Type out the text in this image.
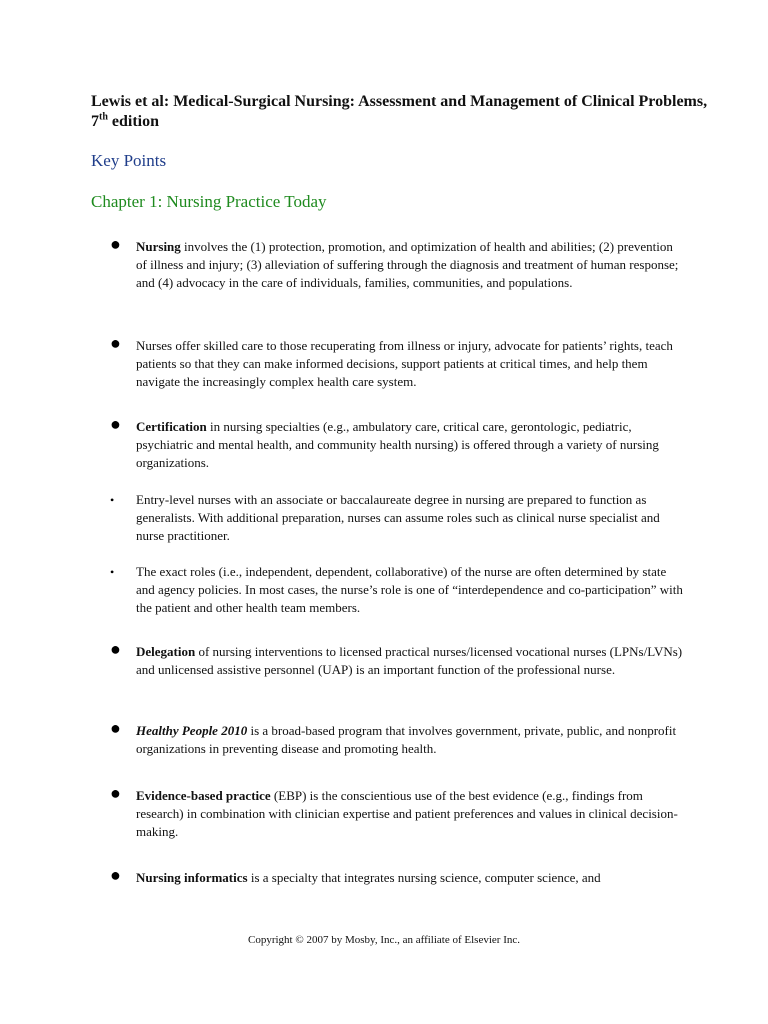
Lewis et al: Medical-Surgical Nursing: Assessment and Management of Clinical Problems, 7th edition
Key Points
Chapter 1: Nursing Practice Today
●	Nursing involves the (1) protection, promotion, and optimization of health and abilities; (2) prevention of illness and injury; (3) alleviation of suffering through the diagnosis and treatment of human response; and (4) advocacy in the care of individuals, families, communities, and populations.
●	Nurses offer skilled care to those recuperating from illness or injury, advocate for patients’ rights, teach patients so that they can make informed decisions, support patients at critical times, and help them navigate the increasingly complex health care system.
●	Certification in nursing specialties (e.g., ambulatory care, critical care, gerontologic, pediatric, psychiatric and mental health, and community health nursing) is offered through a variety of nursing organizations.
•	Entry-level nurses with an associate or baccalaureate degree in nursing are prepared to function as generalists. With additional preparation, nurses can assume roles such as clinical nurse specialist and nurse practitioner.
•	The exact roles (i.e., independent, dependent, collaborative) of the nurse are often determined by state and agency policies. In most cases, the nurse’s role is one of “interdependence and co-participation” with the patient and other health team members.
●	Delegation of nursing interventions to licensed practical nurses/licensed vocational nurses (LPNs/LVNs) and unlicensed assistive personnel (UAP) is an important function of the professional nurse.
●	Healthy People 2010 is a broad-based program that involves government, private, public, and nonprofit organizations in preventing disease and promoting health.
●	Evidence-based practice (EBP) is the conscientious use of the best evidence (e.g., findings from research) in combination with clinician expertise and patient preferences and values in clinical decision-making.
●	Nursing informatics is a specialty that integrates nursing science, computer science, and
Copyright © 2007 by Mosby, Inc., an affiliate of Elsevier Inc.
